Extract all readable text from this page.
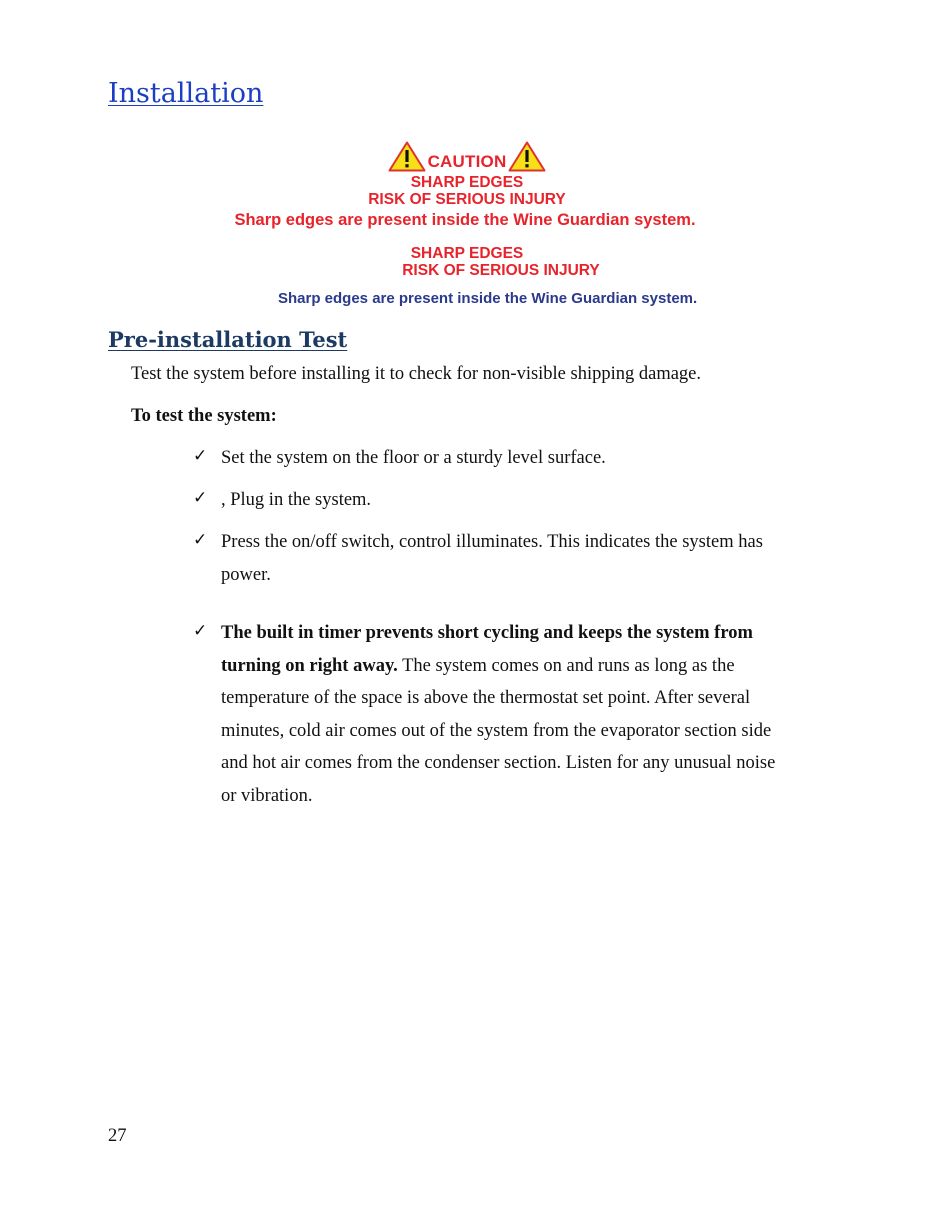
Installation
CAUTION
SHARP EDGES
RISK OF SERIOUS INJURY
Sharp edges are present inside the Wine Guardian system.
SHARP EDGES
RISK OF SERIOUS INJURY
Sharp edges are present inside the Wine Guardian system.
Pre-installation Test
Test the system before installing it to check for non-visible shipping damage.
To test the system:
✓ Set the system on the floor or a sturdy level surface.
✓ , Plug in the system.
✓ Press the on/off switch, control illuminates. This indicates the system has power.
✓ The built in timer prevents short cycling and keeps the system from turning on right away. The system comes on and runs as long as the temperature of the space is above the thermostat set point. After several minutes, cold air comes out of the system from the evaporator section side and hot air comes from the condenser section. Listen for any unusual noise or vibration.
27
